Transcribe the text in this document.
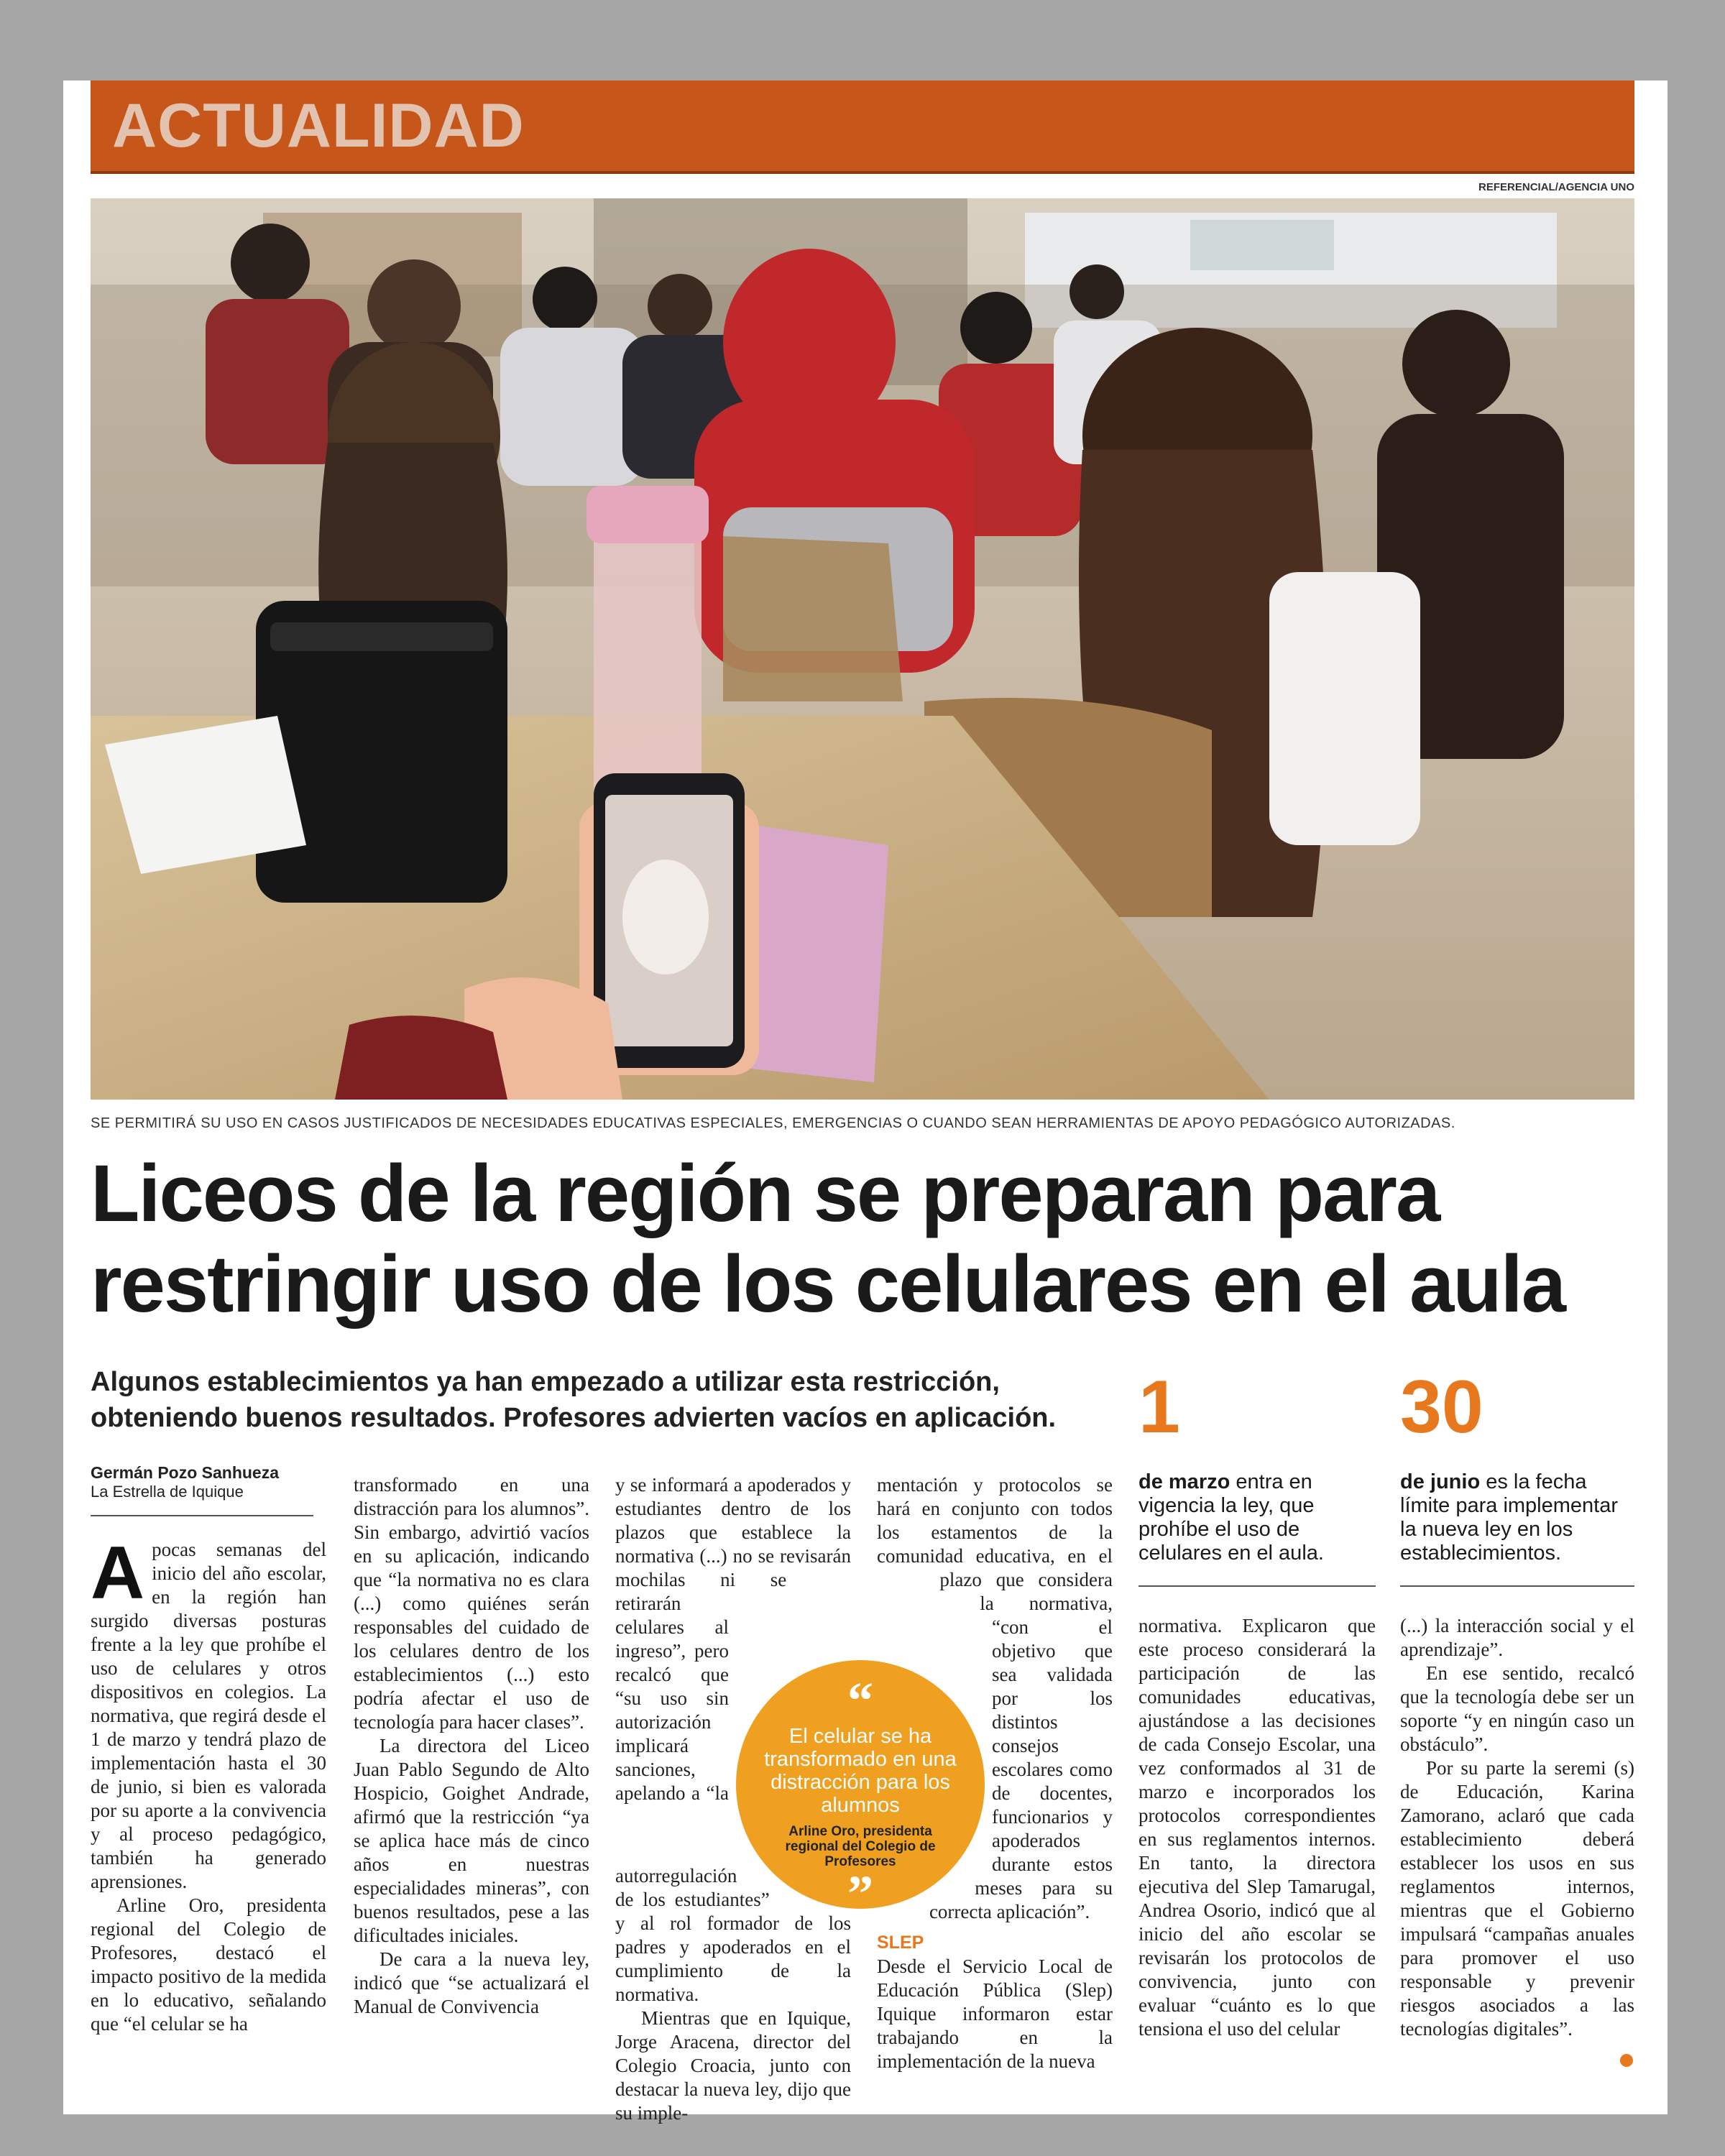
ACTUALIDAD
REFERENCIAL/AGENCIA UNO
SE PERMITIRÁ SU USO EN CASOS JUSTIFICADOS DE NECESIDADES EDUCATIVAS ESPECIALES, EMERGENCIAS O CUANDO SEAN HERRAMIENTAS DE APOYO PEDAGÓGICO AUTORIZADAS.
Liceos de la región se preparan para
restringir uso de los celulares en el aula
Algunos establecimientos ya han empezado a utilizar esta restricción, obteniendo buenos resultados. Profesores advierten vacíos en aplicación.	1
de marzo entra en vigencia la ley, que prohíbe el uso de celulares en el aula.
30
de junio es la fecha límite para implementar la nueva ley en los establecimientos.
Germán Pozo Sanhueza
La Estrella de Iquique

Apocas semanas del inicio del año escolar, en la región han surgido diversas posturas frente a la ley que prohíbe el uso de celulares y otros dispositivos en colegios. La normativa, que regirá desde el 1 de marzo y tendrá plazo de implementación hasta el 30 de junio, si bien es valorada por su aporte a la convivencia y al proceso pedagógico, también ha generado aprensiones.

Arline Oro, presidenta regional del Colegio de Profesores, destacó el impacto positivo de la medida en lo educativo, señalando que “el celular se ha

transformado en una distracción para los alumnos”. Sin embargo, advirtió vacíos en su aplicación, indicando que “la normativa no es clara (...) como quiénes serán responsables del cuidado de los celulares dentro de los establecimientos (...) esto podría afectar el uso de tecnología para hacer clases”.

La directora del Liceo Juan Pablo Segundo de Alto Hospicio, Goighet Andrade, afirmó que la restricción “ya se aplica hace más de cinco años en nuestras especialidades mineras”, con buenos resultados, pese a las dificultades iniciales.

De cara a la nueva ley, indicó que “se actualizará el Manual de Convivencia

y se informará a apoderados y estudiantes dentro de los plazos que establece la normativa (...) no se revisarán mochilas ni se retirarán celulares al ingreso”, pero recalcó que “su uso sin autorización implicará sanciones, apelando a “la autorregulación de los estudiantes” y al rol formador de los padres y apoderados en el cumplimiento de la normativa.

Mientras que en Iquique, Jorge Aracena, director del Colegio Croacia, junto con destacar la nueva ley, dijo que su imple-

mentación y protocolos se hará en conjunto con todos los estamentos de la comunidad educativa, en el plazo que considera la normativa, “con el objetivo que sea validada por los distintos consejos escolares como de docentes, funcionarios y apoderados durante estos meses para su correcta aplicación”.

SLEP

Desde el Servicio Local de Educación Pública (Slep) Iquique informaron estar trabajando en la implementación de la nueva

normativa. Explicaron que este proceso considerará la participación de las comunidades educativas, ajustándose a las decisiones de cada Consejo Escolar, una vez conformados al 31 de marzo e incorporados los protocolos correspondientes en sus reglamentos internos. En tanto, la directora ejecutiva del Slep Tamarugal, Andrea Osorio, indicó que al inicio del año escolar se revisarán los protocolos de convivencia, junto con evaluar “cuánto es lo que tensiona el uso del celular

(...) la interacción social y el aprendizaje”.

En ese sentido, recalcó que la tecnología debe ser un soporte “y en ningún caso un obstáculo”.

Por su parte la seremi (s) de Educación, Karina Zamorano, aclaró que cada establecimiento deberá establecer los usos en sus reglamentos internos, mientras que el Gobierno impulsará “campañas anuales para promover el uso responsable y prevenir riesgos asociados a las tecnologías digitales”.

“
El celular se ha transformado en una distracción para los alumnos
Arline Oro, presidenta regional del Colegio de Profesores
”
